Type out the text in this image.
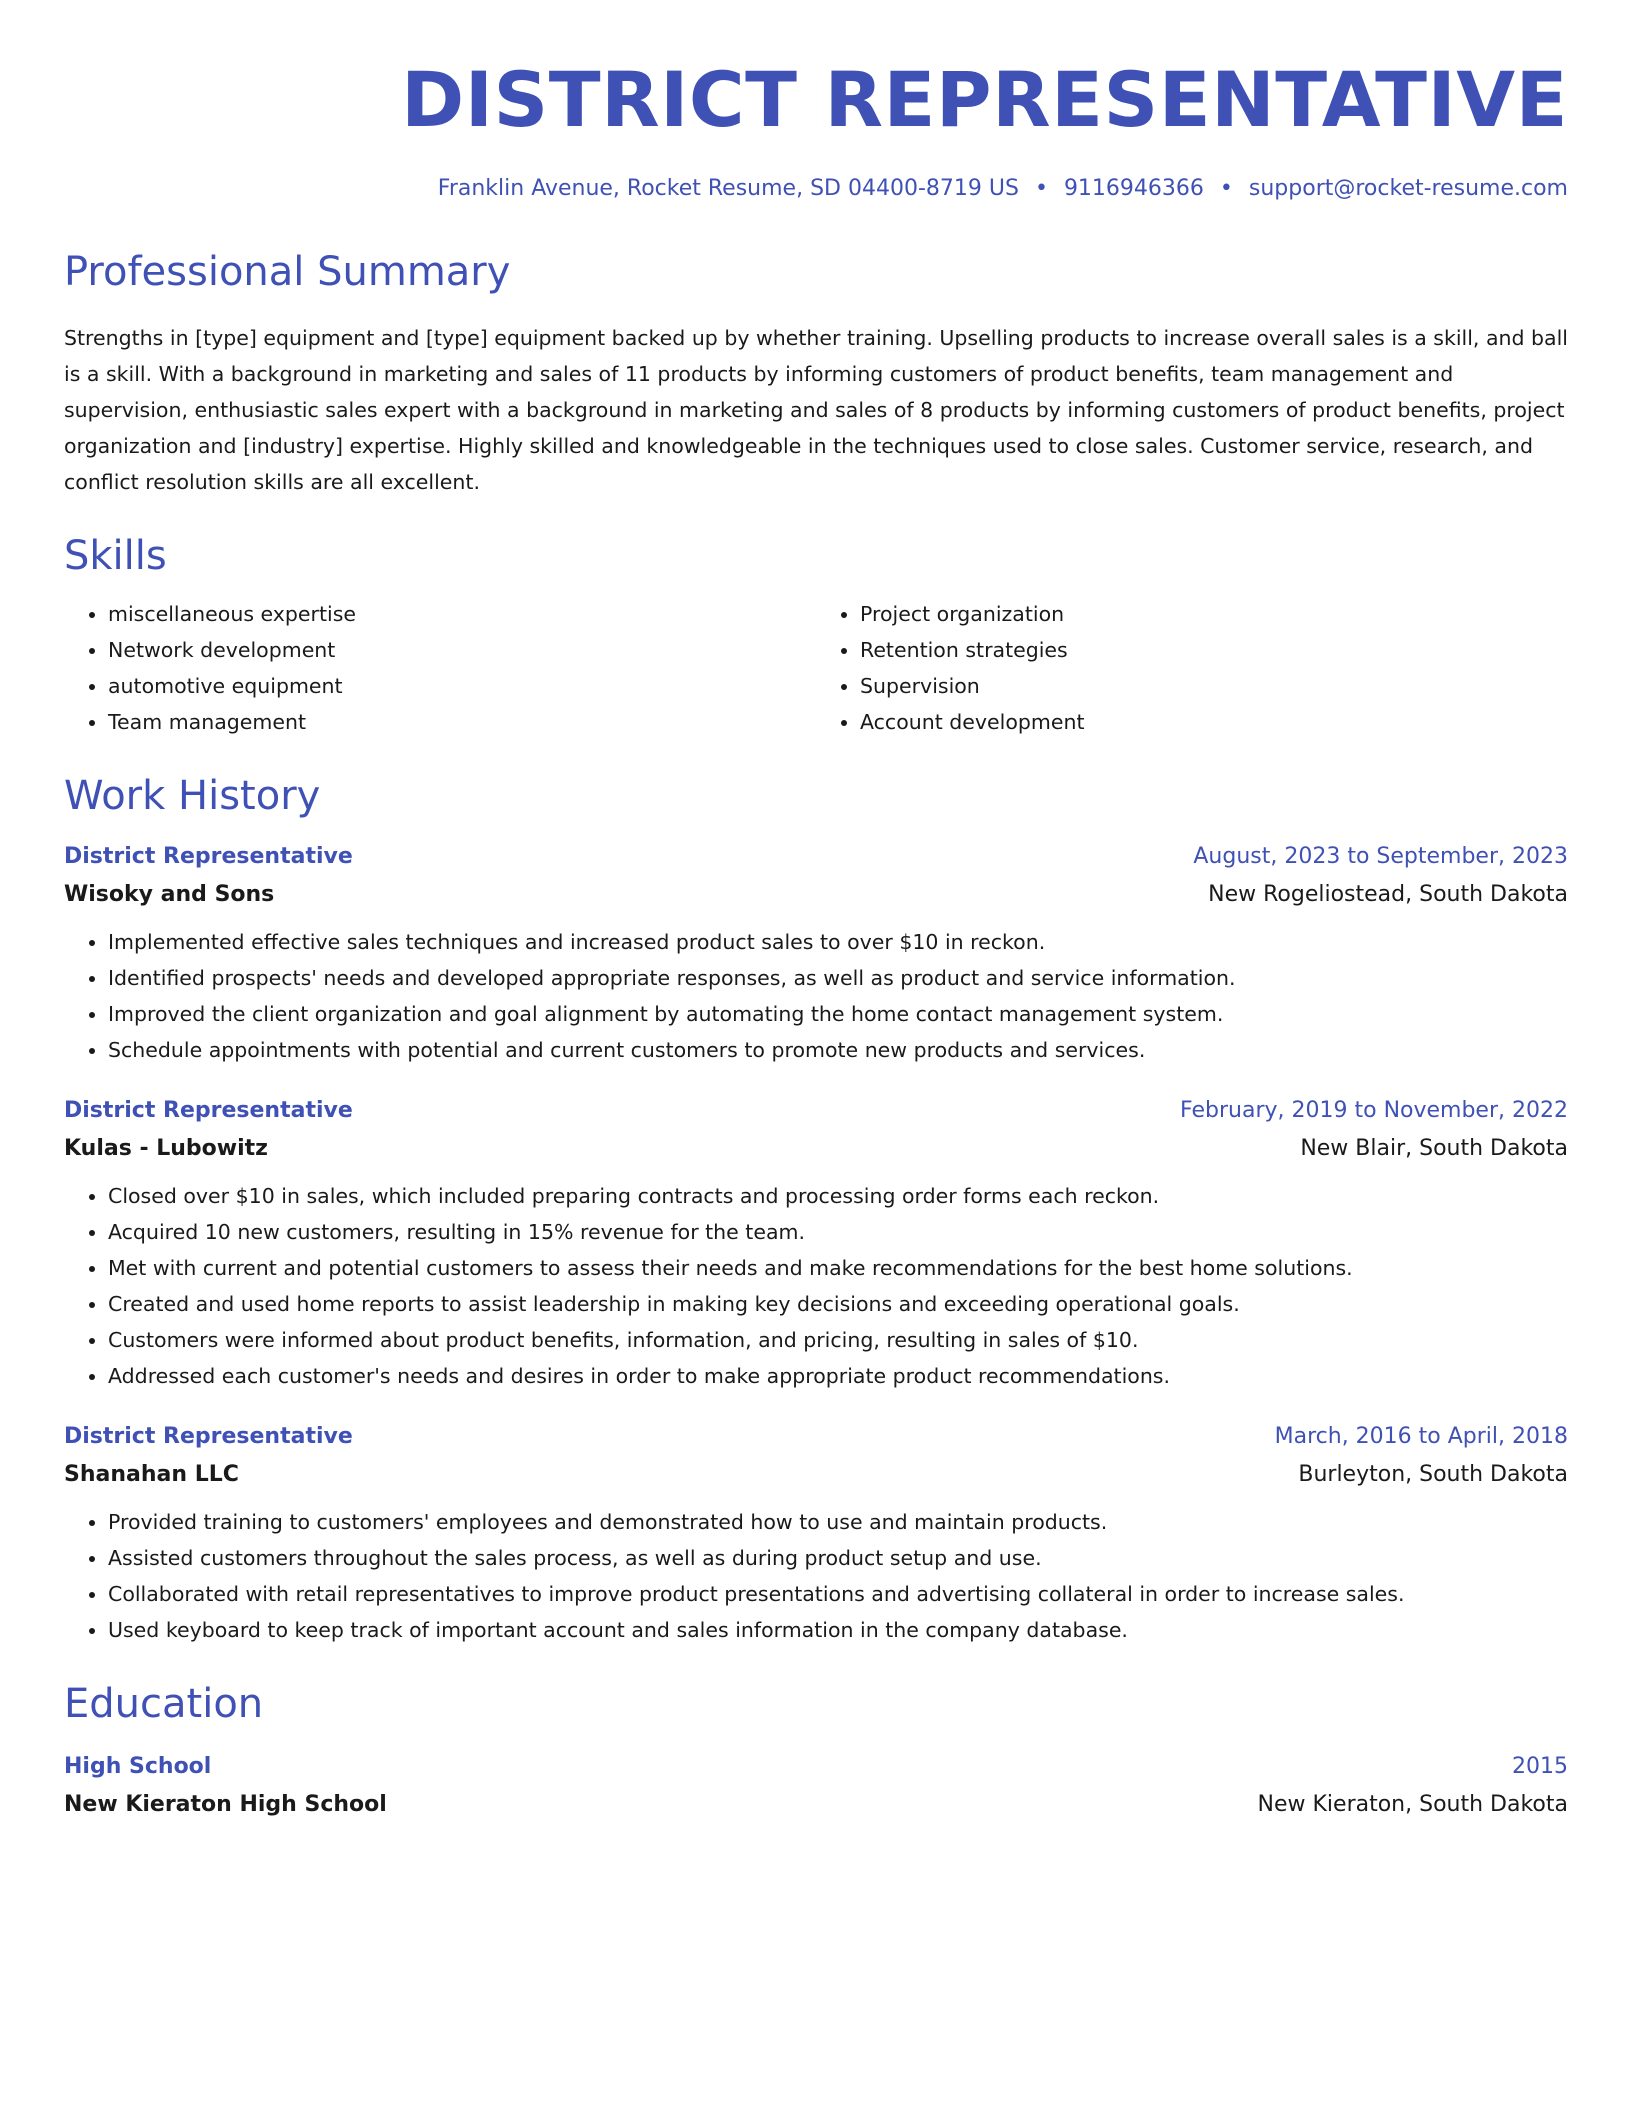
DISTRICT REPRESENTATIVE
Franklin Avenue, Rocket Resume, SD 04400-8719 US • 9116946366 • support@rocket-resume.com
Professional Summary

Strengths in [type] equipment and [type] equipment backed up by whether training. Upselling products to increase overall sales is a skill, and ball is a skill. With a background in marketing and sales of 11 products by informing customers of product benefits, team management and supervision, enthusiastic sales expert with a background in marketing and sales of 8 products by informing customers of product benefits, project organization and [industry] expertise. Highly skilled and knowledgeable in the techniques used to close sales. Customer service, research, and conflict resolution skills are all excellent.

Skills
• miscellaneous expertise
• Network development
• automotive equipment
• Team management
• Project organization
• Retention strategies
• Supervision
• Account development
Work History
District Representative	August, 2023 to September, 2023
Wisoky and Sons	New Rogeliostead, South Dakota
• Implemented effective sales techniques and increased product sales to over $10 in reckon.
• Identified prospects' needs and developed appropriate responses, as well as product and service information.
• Improved the client organization and goal alignment by automating the home contact management system.
• Schedule appointments with potential and current customers to promote new products and services.
District Representative	February, 2019 to November, 2022
Kulas - Lubowitz	New Blair, South Dakota
• Closed over $10 in sales, which included preparing contracts and processing order forms each reckon.
• Acquired 10 new customers, resulting in 15% revenue for the team.
• Met with current and potential customers to assess their needs and make recommendations for the best home solutions.
• Created and used home reports to assist leadership in making key decisions and exceeding operational goals.
• Customers were informed about product benefits, information, and pricing, resulting in sales of $10.
• Addressed each customer's needs and desires in order to make appropriate product recommendations.
District Representative	March, 2016 to April, 2018
Shanahan LLC	Burleyton, South Dakota
• Provided training to customers' employees and demonstrated how to use and maintain products.
• Assisted customers throughout the sales process, as well as during product setup and use.
• Collaborated with retail representatives to improve product presentations and advertising collateral in order to increase sales.
• Used keyboard to keep track of important account and sales information in the company database.
Education
High School	2015
New Kieraton High School	New Kieraton, South Dakota
